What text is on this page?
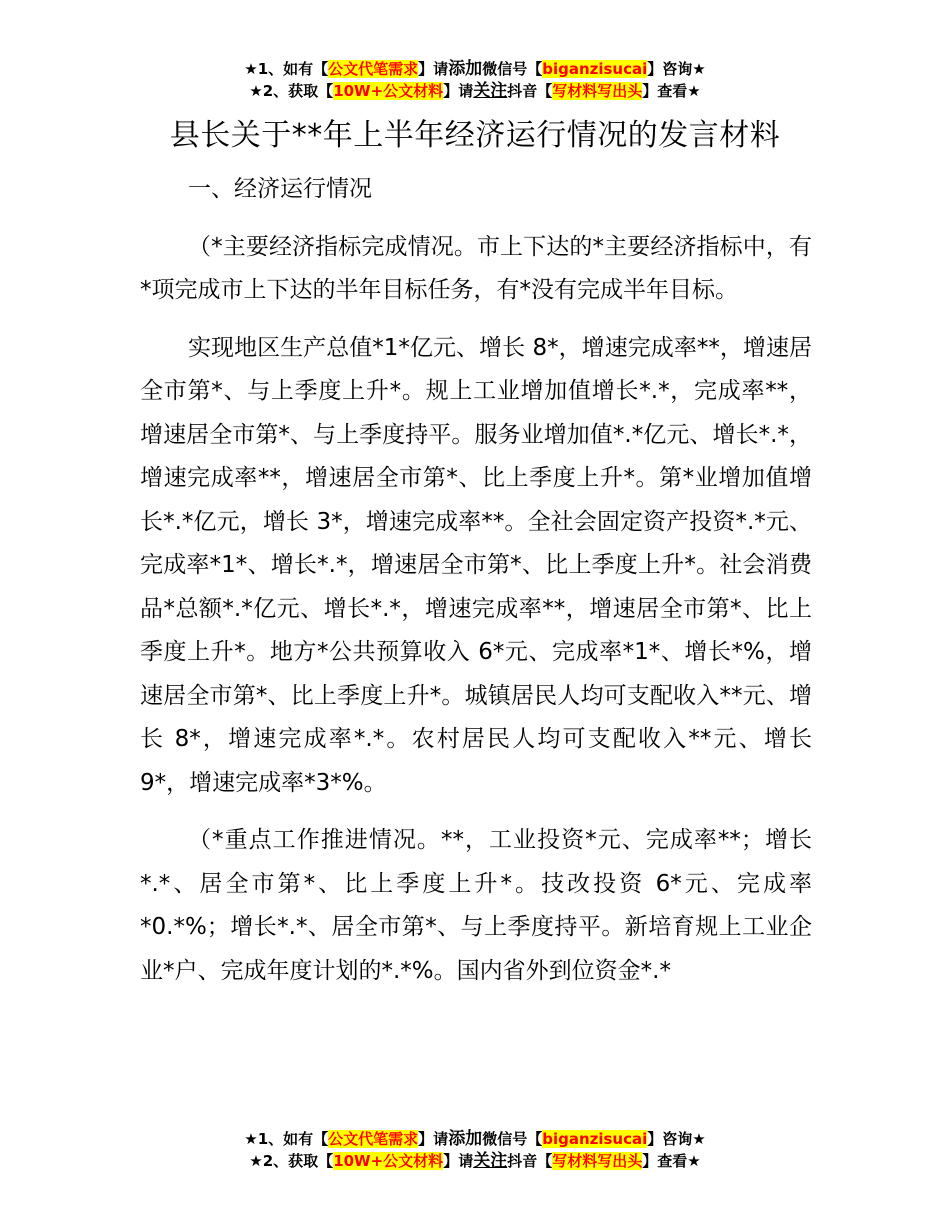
★1、如有【公文代笔需求】请添加微信号【biganzisucai】咨询★
★2、获取【10W+公文材料】请关注抖音【写材料写出头】查看★
县长关于**年上半年经济运行情况的发言材料

一、经济运行情况

（*主要经济指标完成情况。市上下达的*主要经济指标中，有*项完成市上下达的半年目标任务，有*没有完成半年目标。

实现地区生产总值*1*亿元、增长 8*，增速完成率**，增速居全市第*、与上季度上升*。规上工业增加值增长*.*，完成率**，增速居全市第*、与上季度持平。服务业增加值*.*亿元、增长*.*，增速完成率**，增速居全市第*、比上季度上升*。第*业增加值增长*.*亿元，增长 3*，增速完成率**。全社会固定资产投资*.*元、完成率*1*、增长*.*，增速居全市第*、比上季度上升*。社会消费品*总额*.*亿元、增长*.*，增速完成率**，增速居全市第*、比上季度上升*。地方*公共预算收入 6*元、完成率*1*、增长*%，增速居全市第*、比上季度上升*。城镇居民人均可支配收入**元、增长 8*，增速完成率*.*。农村居民人均可支配收入**元、增长 9*，增速完成率*3*%。

（*重点工作推进情况。**，工业投资*元、完成率**；增长*.*、居全市第*、比上季度上升*。技改投资 6*元、完成率*0.*%；增长*.*、居全市第*、与上季度持平。新培育规上工业企业*户、完成年度计划的*.*%。国内省外到位资金*.*

★1、如有【公文代笔需求】请添加微信号【biganzisucai】咨询★
★2、获取【10W+公文材料】请关注抖音【写材料写出头】查看★
